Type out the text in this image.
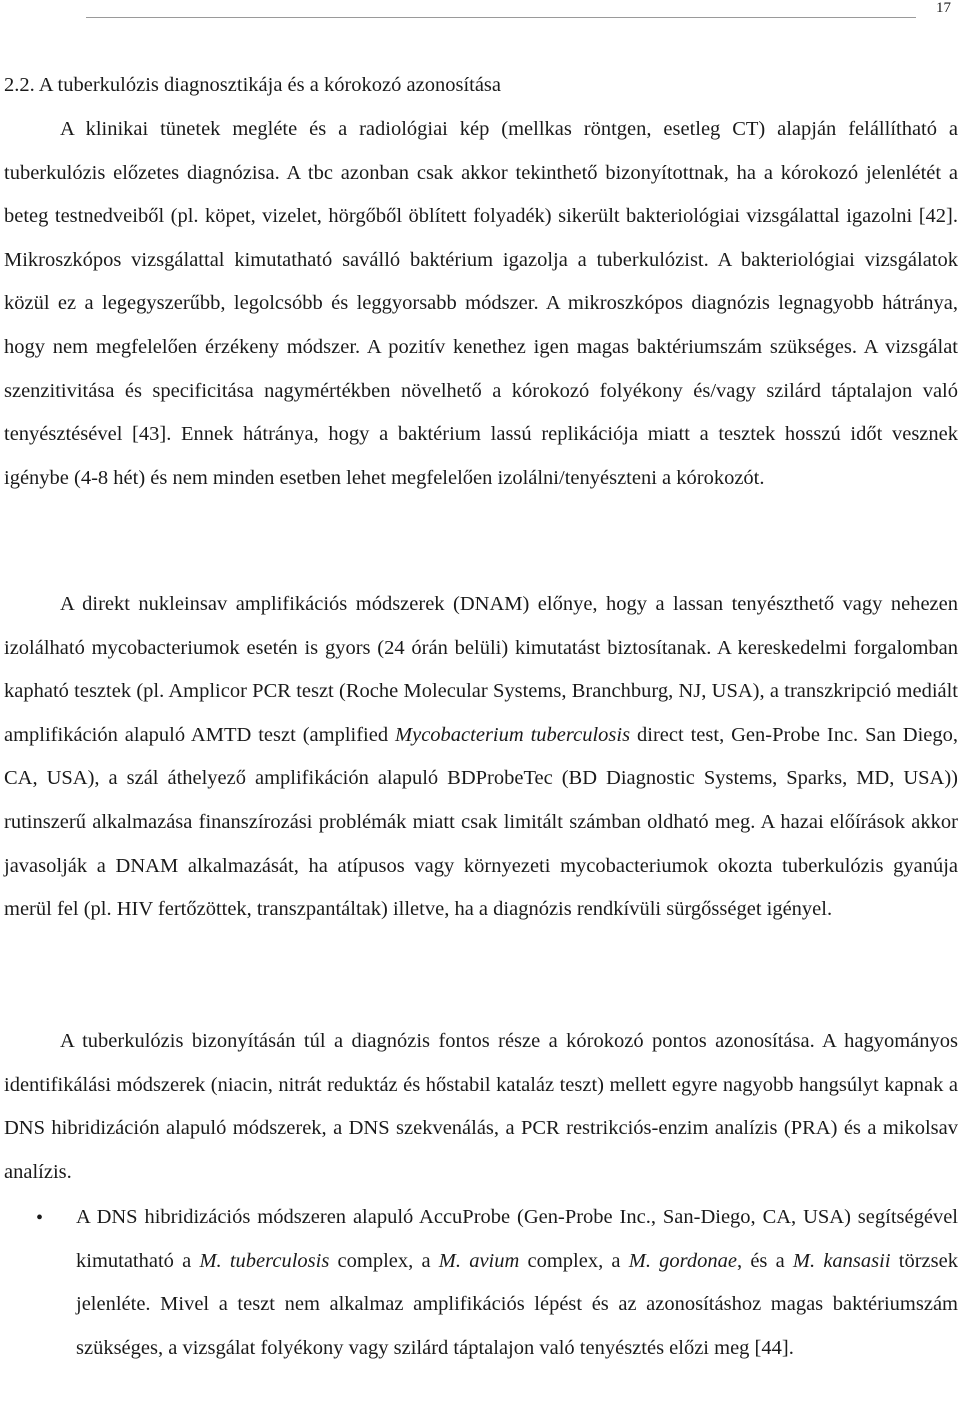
17
2.2. A tuberkulózis diagnosztikája és a kórokozó azonosítása

A klinikai tünetek megléte és a radiológiai kép (mellkas röntgen, esetleg CT) alapján felállítható a tuberkulózis előzetes diagnózisa. A tbc azonban csak akkor tekinthető bizonyítottnak, ha a kórokozó jelenlétét a beteg testnedveiből (pl. köpet, vizelet, hörgőből öblített folyadék) sikerült bakteriológiai vizsgálattal igazolni [42]. Mikroszkópos vizsgálattal kimutatható saválló baktérium igazolja a tuberkulózist. A bakteriológiai vizsgálatok közül ez a legegyszerűbb, legolcsóbb és leggyorsabb módszer. A mikroszkópos diagnózis legnagyobb hátránya, hogy nem megfelelően érzékeny módszer. A pozitív kenethez igen magas baktériumszám szükséges. A vizsgálat szenzitivitása és specificitása nagymértékben növelhető a kórokozó folyékony és/vagy szilárd táptalajon való tenyésztésével [43]. Ennek hátránya, hogy a baktérium lassú replikációja miatt a tesztek hosszú időt vesznek igénybe (4-8 hét) és nem minden esetben lehet megfelelően izolálni/tenyészteni a kórokozót.

A direkt nukleinsav amplifikációs módszerek (DNAM) előnye, hogy a lassan tenyészthető vagy nehezen izolálható mycobacteriumok esetén is gyors (24 órán belüli) kimutatást biztosítanak. A kereskedelmi forgalomban kapható tesztek (pl. Amplicor PCR teszt (Roche Molecular Systems, Branchburg, NJ, USA), a transzkripció mediált amplifikáción alapuló AMTD teszt (amplified Mycobacterium tuberculosis direct test, Gen-Probe Inc. San Diego, CA, USA), a szál áthelyező amplifikáción alapuló BDProbeTec (BD Diagnostic Systems, Sparks, MD, USA)) rutinszerű alkalmazása finanszírozási problémák miatt csak limitált számban oldható meg. A hazai előírások akkor javasolják a DNAM alkalmazását, ha atípusos vagy környezeti mycobacteriumok okozta tuberkulózis gyanúja merül fel (pl. HIV fertőzöttek, transzpantáltak) illetve, ha a diagnózis rendkívüli sürgősséget igényel.

A tuberkulózis bizonyításán túl a diagnózis fontos része a kórokozó pontos azonosítása. A hagyományos identifikálási módszerek (niacin, nitrát reduktáz és hőstabil kataláz teszt) mellett egyre nagyobb hangsúlyt kapnak a DNS hibridizáción alapuló módszerek, a DNS szekvenálás, a PCR restrikciós-enzim analízis (PRA) és a mikolsav analízis.

• A DNS hibridizációs módszeren alapuló AccuProbe (Gen-Probe Inc., San-Diego, CA, USA) segítségével kimutatható a M. tuberculosis complex, a M. avium complex, a M. gordonae, és a M. kansasii törzsek jelenléte. Mivel a teszt nem alkalmaz amplifikációs lépést és az azonosításhoz magas baktériumszám szükséges, a vizsgálat folyékony vagy szilárd táptalajon való tenyésztés előzi meg [44].
